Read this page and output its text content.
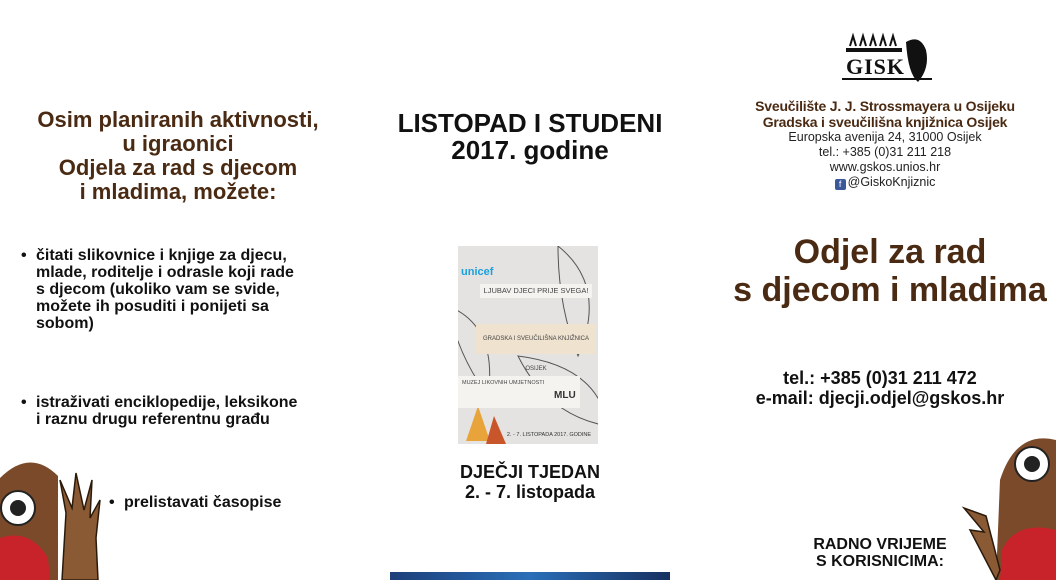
Osim planiranih aktivnosti,
u igraonici
Odjela za rad s djecom
i mladima, možete:
• čitati slikovnice i knjige za djecu,
mlade, roditelje i odrasle koji rade
s djecom (ukoliko vam se svide,
možete ih posuditi i ponijeti sa
sobom)
• istraživati enciklopedije, leksikone
i raznu drugu referentnu građu
• prelistavati časopise
LISTOPAD I STUDENI
2017. godine
unicef
LJUBAV DJECI PRIJE SVEGA!
GRADSKA I SVEUČILIŠNA KNJIŽNICA OSIJEK
MUZEJ LIKOVNIH UMJETNOSTI
MLU
2. - 7. LISTOPADA 2017. GODINE
DJEČJI TJEDAN
2. - 7. listopada
GISK
Sveučilište J. J. Strossmayera u Osijeku
Gradska i sveučilišna knjižnica Osijek
Europska avenija 24, 31000 Osijek
tel.: +385 (0)31 211 218
www.gskos.unios.hr
f @GiskoKnjiznic
Odjel za rad
s djecom i mladima
tel.: +385 (0)31 211 472
e-mail: djecji.odjel@gskos.hr
RADNO VRIJEME
S KORISNICIMA:
